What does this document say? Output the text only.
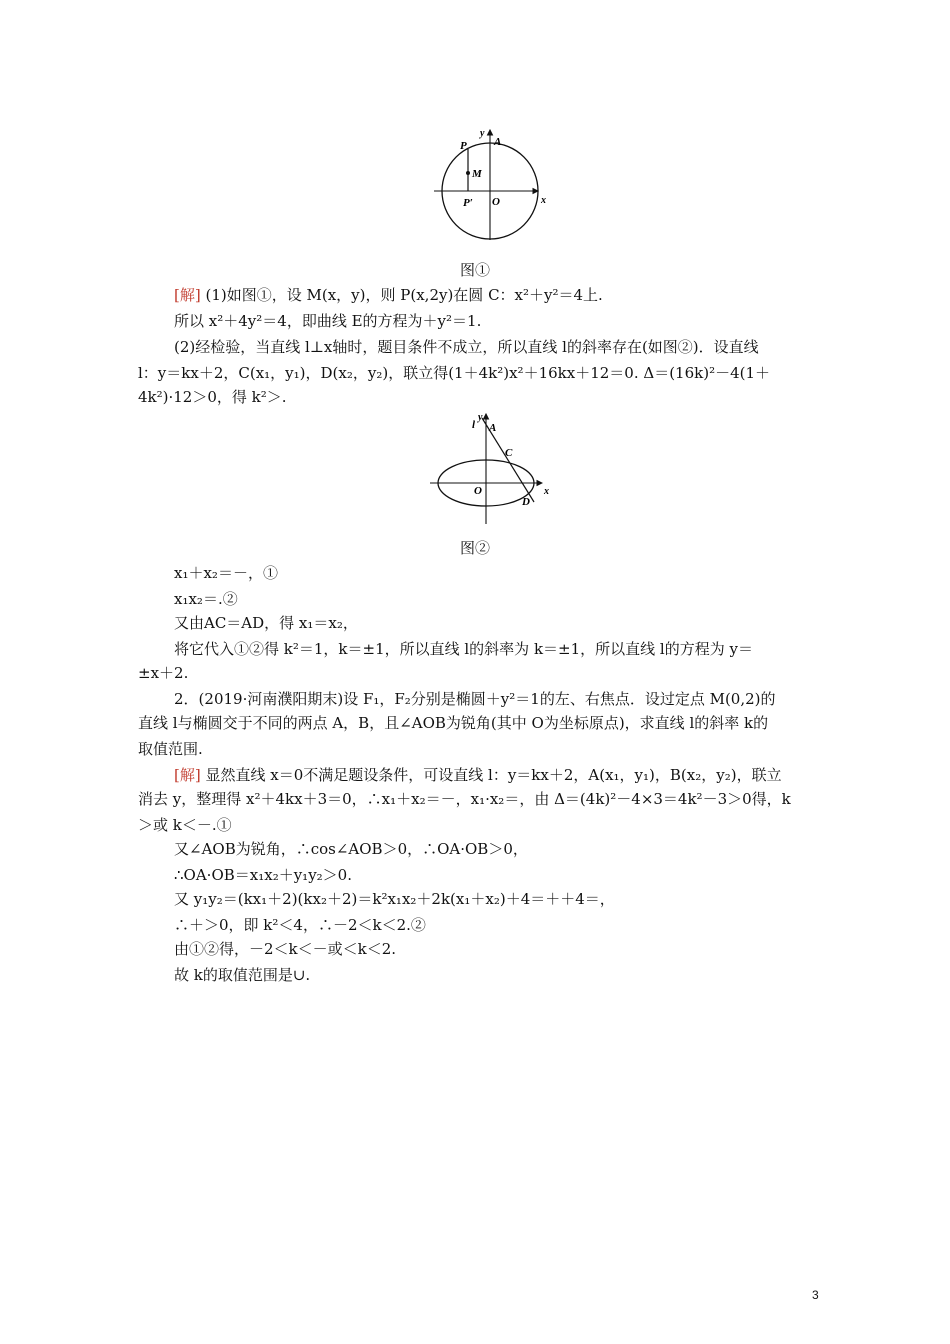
y
A
P
M
P′ O	x
图①
[解] (1)如图①，设 M(x，y)，则 P(x,2y)在圆 C：x²＋y²＝4上.
所以 x²＋4y²＝4，即曲线 E的方程为＋y²＝1.
(2)经检验，当直线 l⊥x轴时，题目条件不成立，所以直线 l的斜率存在(如图②)．设直线
l：y＝kx＋2，C(x₁，y₁)，D(x₂，y₂)，联立得(1＋4k²)x²＋16kx＋12＝0. Δ＝(16k)²－4(1＋
4k²)·12＞0，得 k²＞.
l
y
A
C
O
D
x
图②
x₁＋x₂＝－，①
x₁x₂＝.②
又由AC＝AD，得 x₁＝x₂，
将它代入①②得 k²＝1，k＝±1，所以直线 l的斜率为 k＝±1，所以直线 l的方程为 y＝
±x＋2.
2．(2019·河南濮阳期末)设 F₁，F₂分别是椭圆＋y²＝1的左、右焦点．设过定点 M(0,2)的
直线 l与椭圆交于不同的两点 A，B，且∠AOB为锐角(其中 O为坐标原点)，求直线 l的斜率 k的
取值范围.
[解] 显然直线 x＝0不满足题设条件，可设直线 l：y＝kx＋2，A(x₁，y₁)，B(x₂，y₂)，联立
消去 y，整理得 x²＋4kx＋3＝0，∴x₁＋x₂＝－，x₁·x₂＝，由 Δ＝(4k)²－4×3＝4k²－3＞0得，k
＞或 k＜－.①
又∠AOB为锐角，∴cos∠AOB＞0，∴OA·OB＞0，
∴OA·OB＝x₁x₂＋y₁y₂＞0.
又 y₁y₂＝(kx₁＋2)(kx₂＋2)＝k²x₁x₂＋2k(x₁＋x₂)＋4＝＋＋4＝，
∴＋＞0，即 k²＜4，∴－2＜k＜2.②
由①②得，－2＜k＜－或＜k＜2.
故 k的取值范围是∪.
3
